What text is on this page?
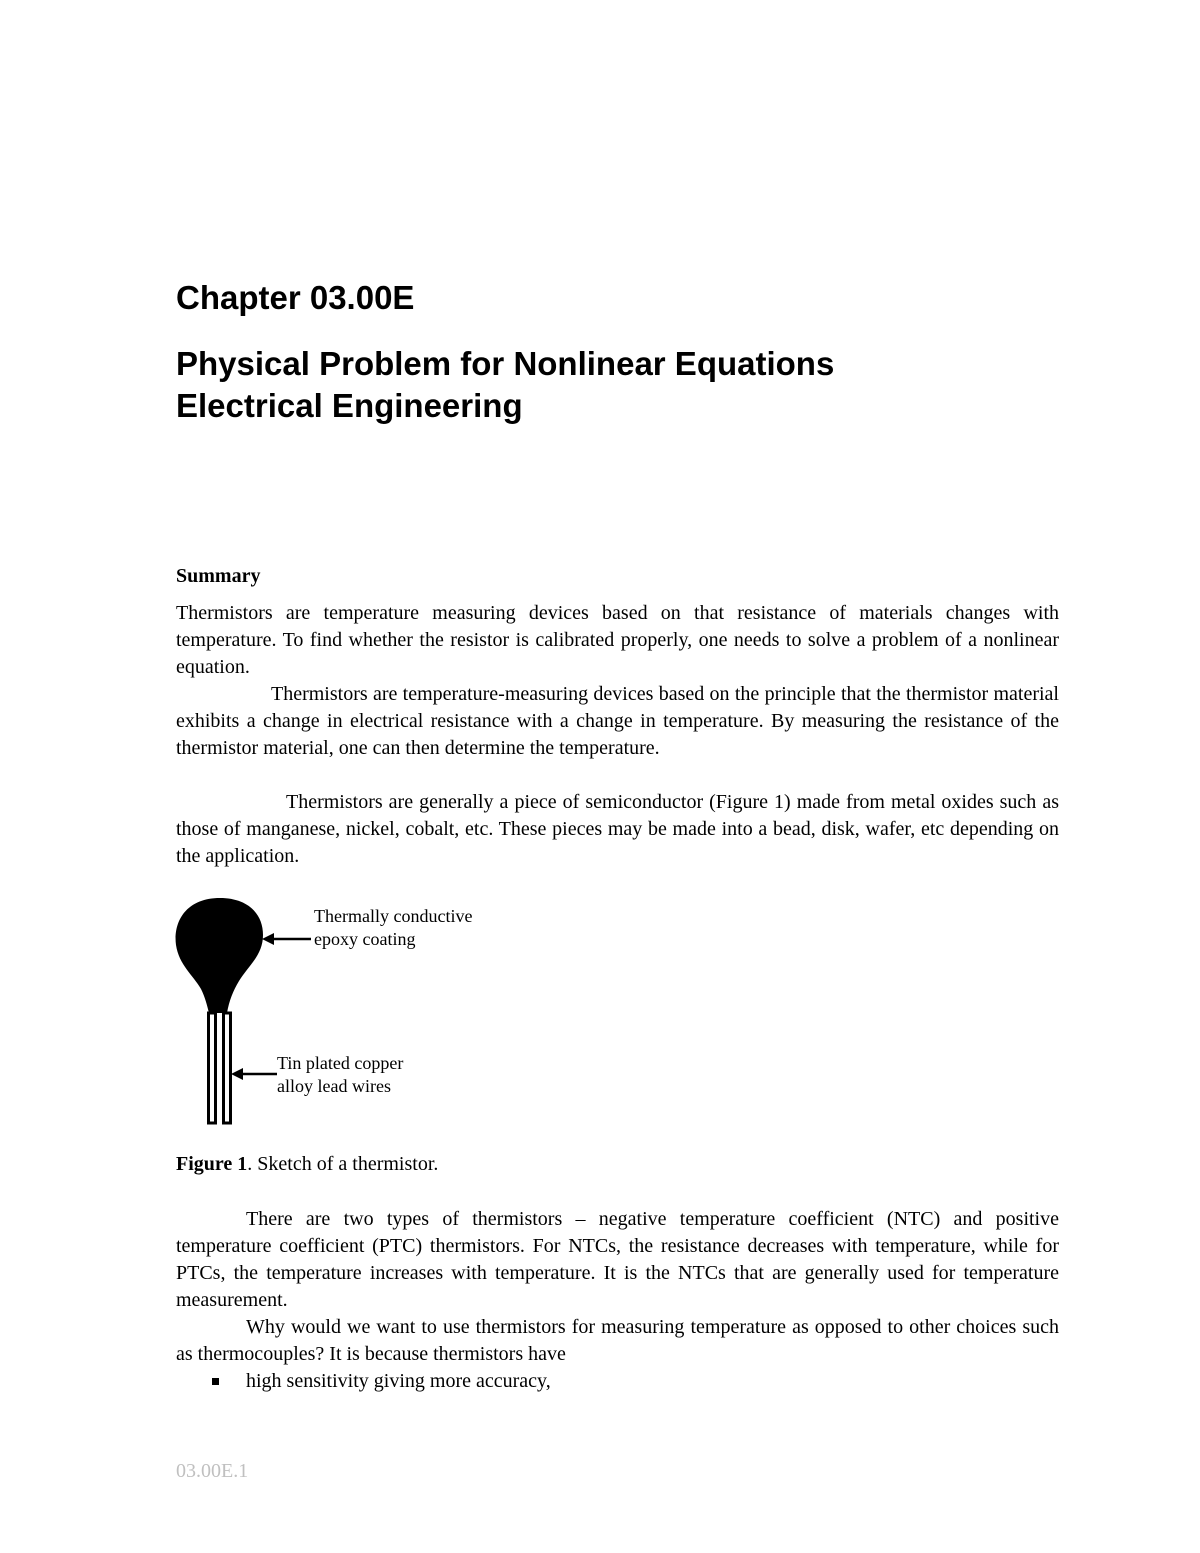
Chapter 03.00E
Physical Problem for Nonlinear Equations
Electrical Engineering

Summary

Thermistors are temperature measuring devices based on that resistance of materials changes with temperature. To find whether the resistor is calibrated properly, one needs to solve a problem of a nonlinear equation.

Thermistors are temperature-measuring devices based on the principle that the thermistor material exhibits a change in electrical resistance with a change in temperature. By measuring the resistance of the thermistor material, one can then determine the temperature.

Thermistors are generally a piece of semiconductor (Figure 1) made from metal oxides such as those of manganese, nickel, cobalt, etc. These pieces may be made into a bead, disk, wafer, etc depending on the application.

Thermally conductive epoxy coating

Tin plated copper alloy lead wires

Figure 1. Sketch of a thermistor.

There are two types of thermistors – negative temperature coefficient (NTC) and positive temperature coefficient (PTC) thermistors. For NTCs, the resistance decreases with temperature, while for PTCs, the temperature increases with temperature. It is the NTCs that are generally used for temperature measurement.

Why would we want to use thermistors for measuring temperature as opposed to other choices such as thermocouples? It is because thermistors have

high sensitivity giving more accuracy,

03.00E.1
